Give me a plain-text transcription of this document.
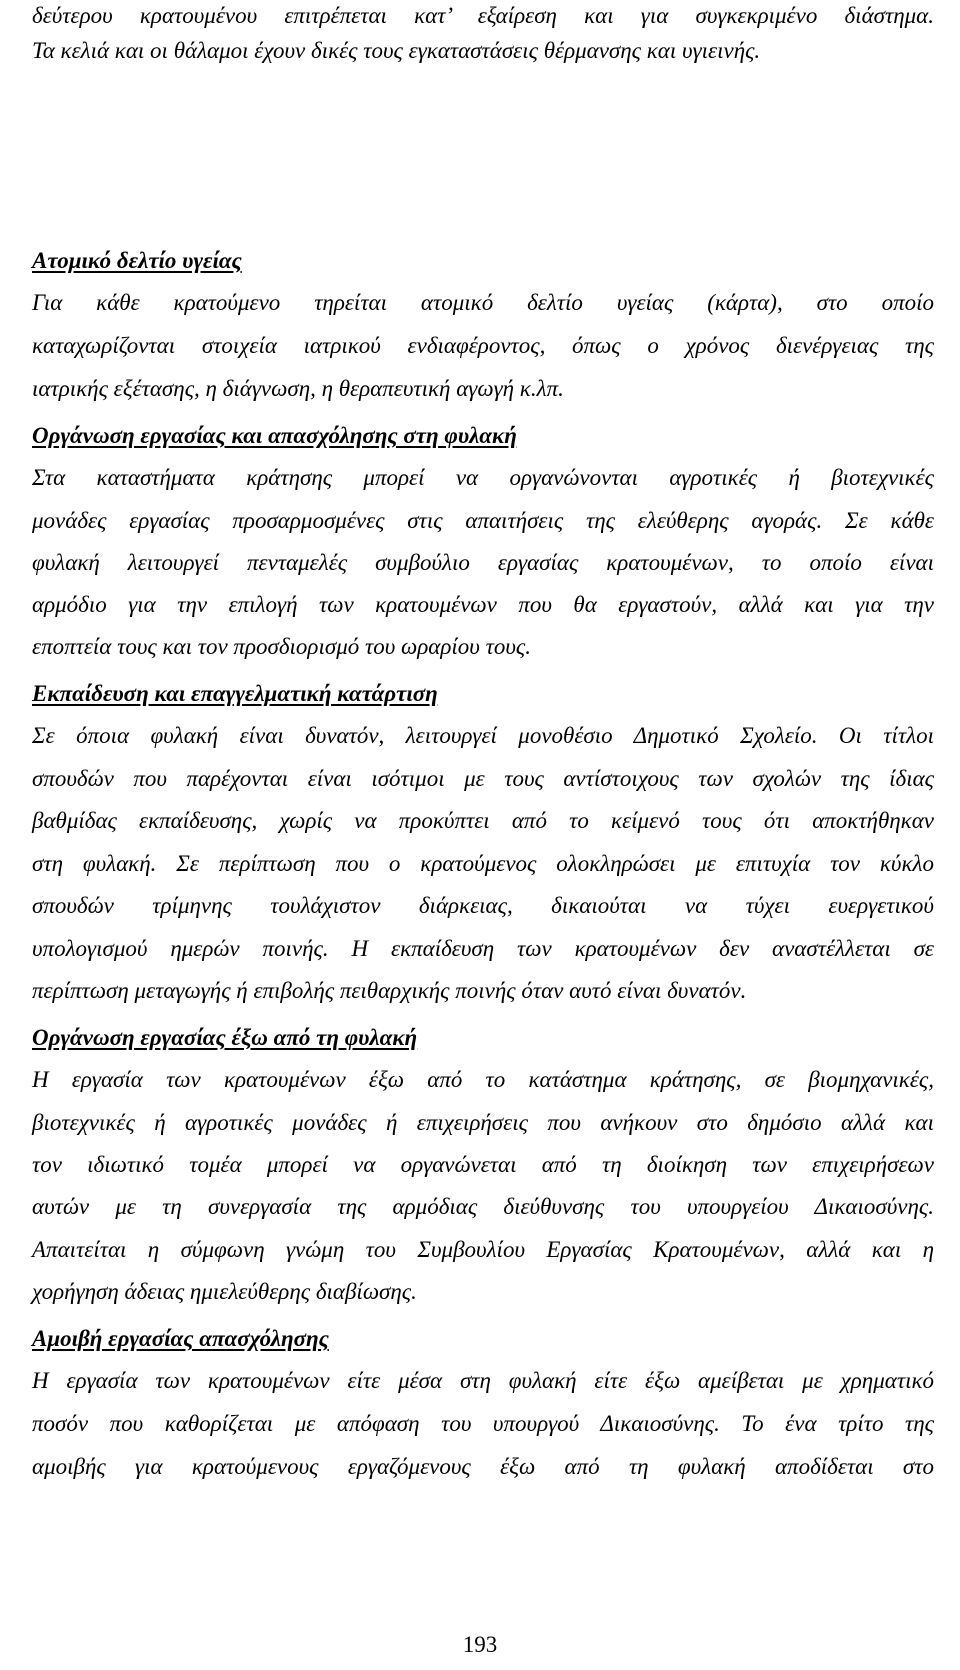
δεύτερου κρατουμένου επιτρέπεται κατ’ εξαίρεση και για συγκεκριμένο διάστημα.
Τα κελιά και οι θάλαμοι έχουν δικές τους εγκαταστάσεις θέρμανσης και υγιεινής.
Ατομικό δελτίο υγείας
Για κάθε κρατούμενο τηρείται ατομικό δελτίο υγείας (κάρτα), στο οποίο
καταχωρίζονται στοιχεία ιατρικού ενδιαφέροντος, όπως ο χρόνος διενέργειας της
ιατρικής εξέτασης, η διάγνωση, η θεραπευτική αγωγή κ.λπ.
Οργάνωση εργασίας και απασχόλησης στη φυλακή
Στα καταστήματα κράτησης μπορεί να οργανώνονται αγροτικές ή βιοτεχνικές
μονάδες εργασίας προσαρμοσμένες στις απαιτήσεις της ελεύθερης αγοράς. Σε κάθε
φυλακή λειτουργεί πενταμελές συμβούλιο εργασίας κρατουμένων, το οποίο είναι
αρμόδιο για την επιλογή των κρατουμένων που θα εργαστούν, αλλά και για την
εποπτεία τους και τον προσδιορισμό του ωραρίου τους.
Εκπαίδευση και επαγγελματική κατάρτιση
Σε όποια φυλακή είναι δυνατόν, λειτουργεί μονοθέσιο Δημοτικό Σχολείο. Οι τίτλοι
σπουδών που παρέχονται είναι ισότιμοι με τους αντίστοιχους των σχολών της ίδιας
βαθμίδας εκπαίδευσης, χωρίς να προκύπτει από το κείμενό τους ότι αποκτήθηκαν
στη φυλακή. Σε περίπτωση που ο κρατούμενος ολοκληρώσει με επιτυχία τον κύκλο
σπουδών τρίμηνης τουλάχιστον διάρκειας, δικαιούται να τύχει ευεργετικού
υπολογισμού ημερών ποινής. Η εκπαίδευση των κρατουμένων δεν αναστέλλεται σε
περίπτωση μεταγωγής ή επιβολής πειθαρχικής ποινής όταν αυτό είναι δυνατόν.
Οργάνωση εργασίας έξω από τη φυλακή
Η εργασία των κρατουμένων έξω από το κατάστημα κράτησης, σε βιομηχανικές,
βιοτεχνικές ή αγροτικές μονάδες ή επιχειρήσεις που ανήκουν στο δημόσιο αλλά και
τον ιδιωτικό τομέα μπορεί να οργανώνεται από τη διοίκηση των επιχειρήσεων
αυτών με τη συνεργασία της αρμόδιας διεύθυνσης του υπουργείου Δικαιοσύνης.
Απαιτείται η σύμφωνη γνώμη του Συμβουλίου Εργασίας Κρατουμένων, αλλά και η
χορήγηση άδειας ημιελεύθερης διαβίωσης.
Αμοιβή εργασίας απασχόλησης
Η εργασία των κρατουμένων είτε μέσα στη φυλακή είτε έξω αμείβεται με χρηματικό
ποσόν που καθορίζεται με απόφαση του υπουργού Δικαιοσύνης. Το ένα τρίτο της
αμοιβής για κρατούμενους εργαζόμενους έξω από τη φυλακή αποδίδεται στο
193
